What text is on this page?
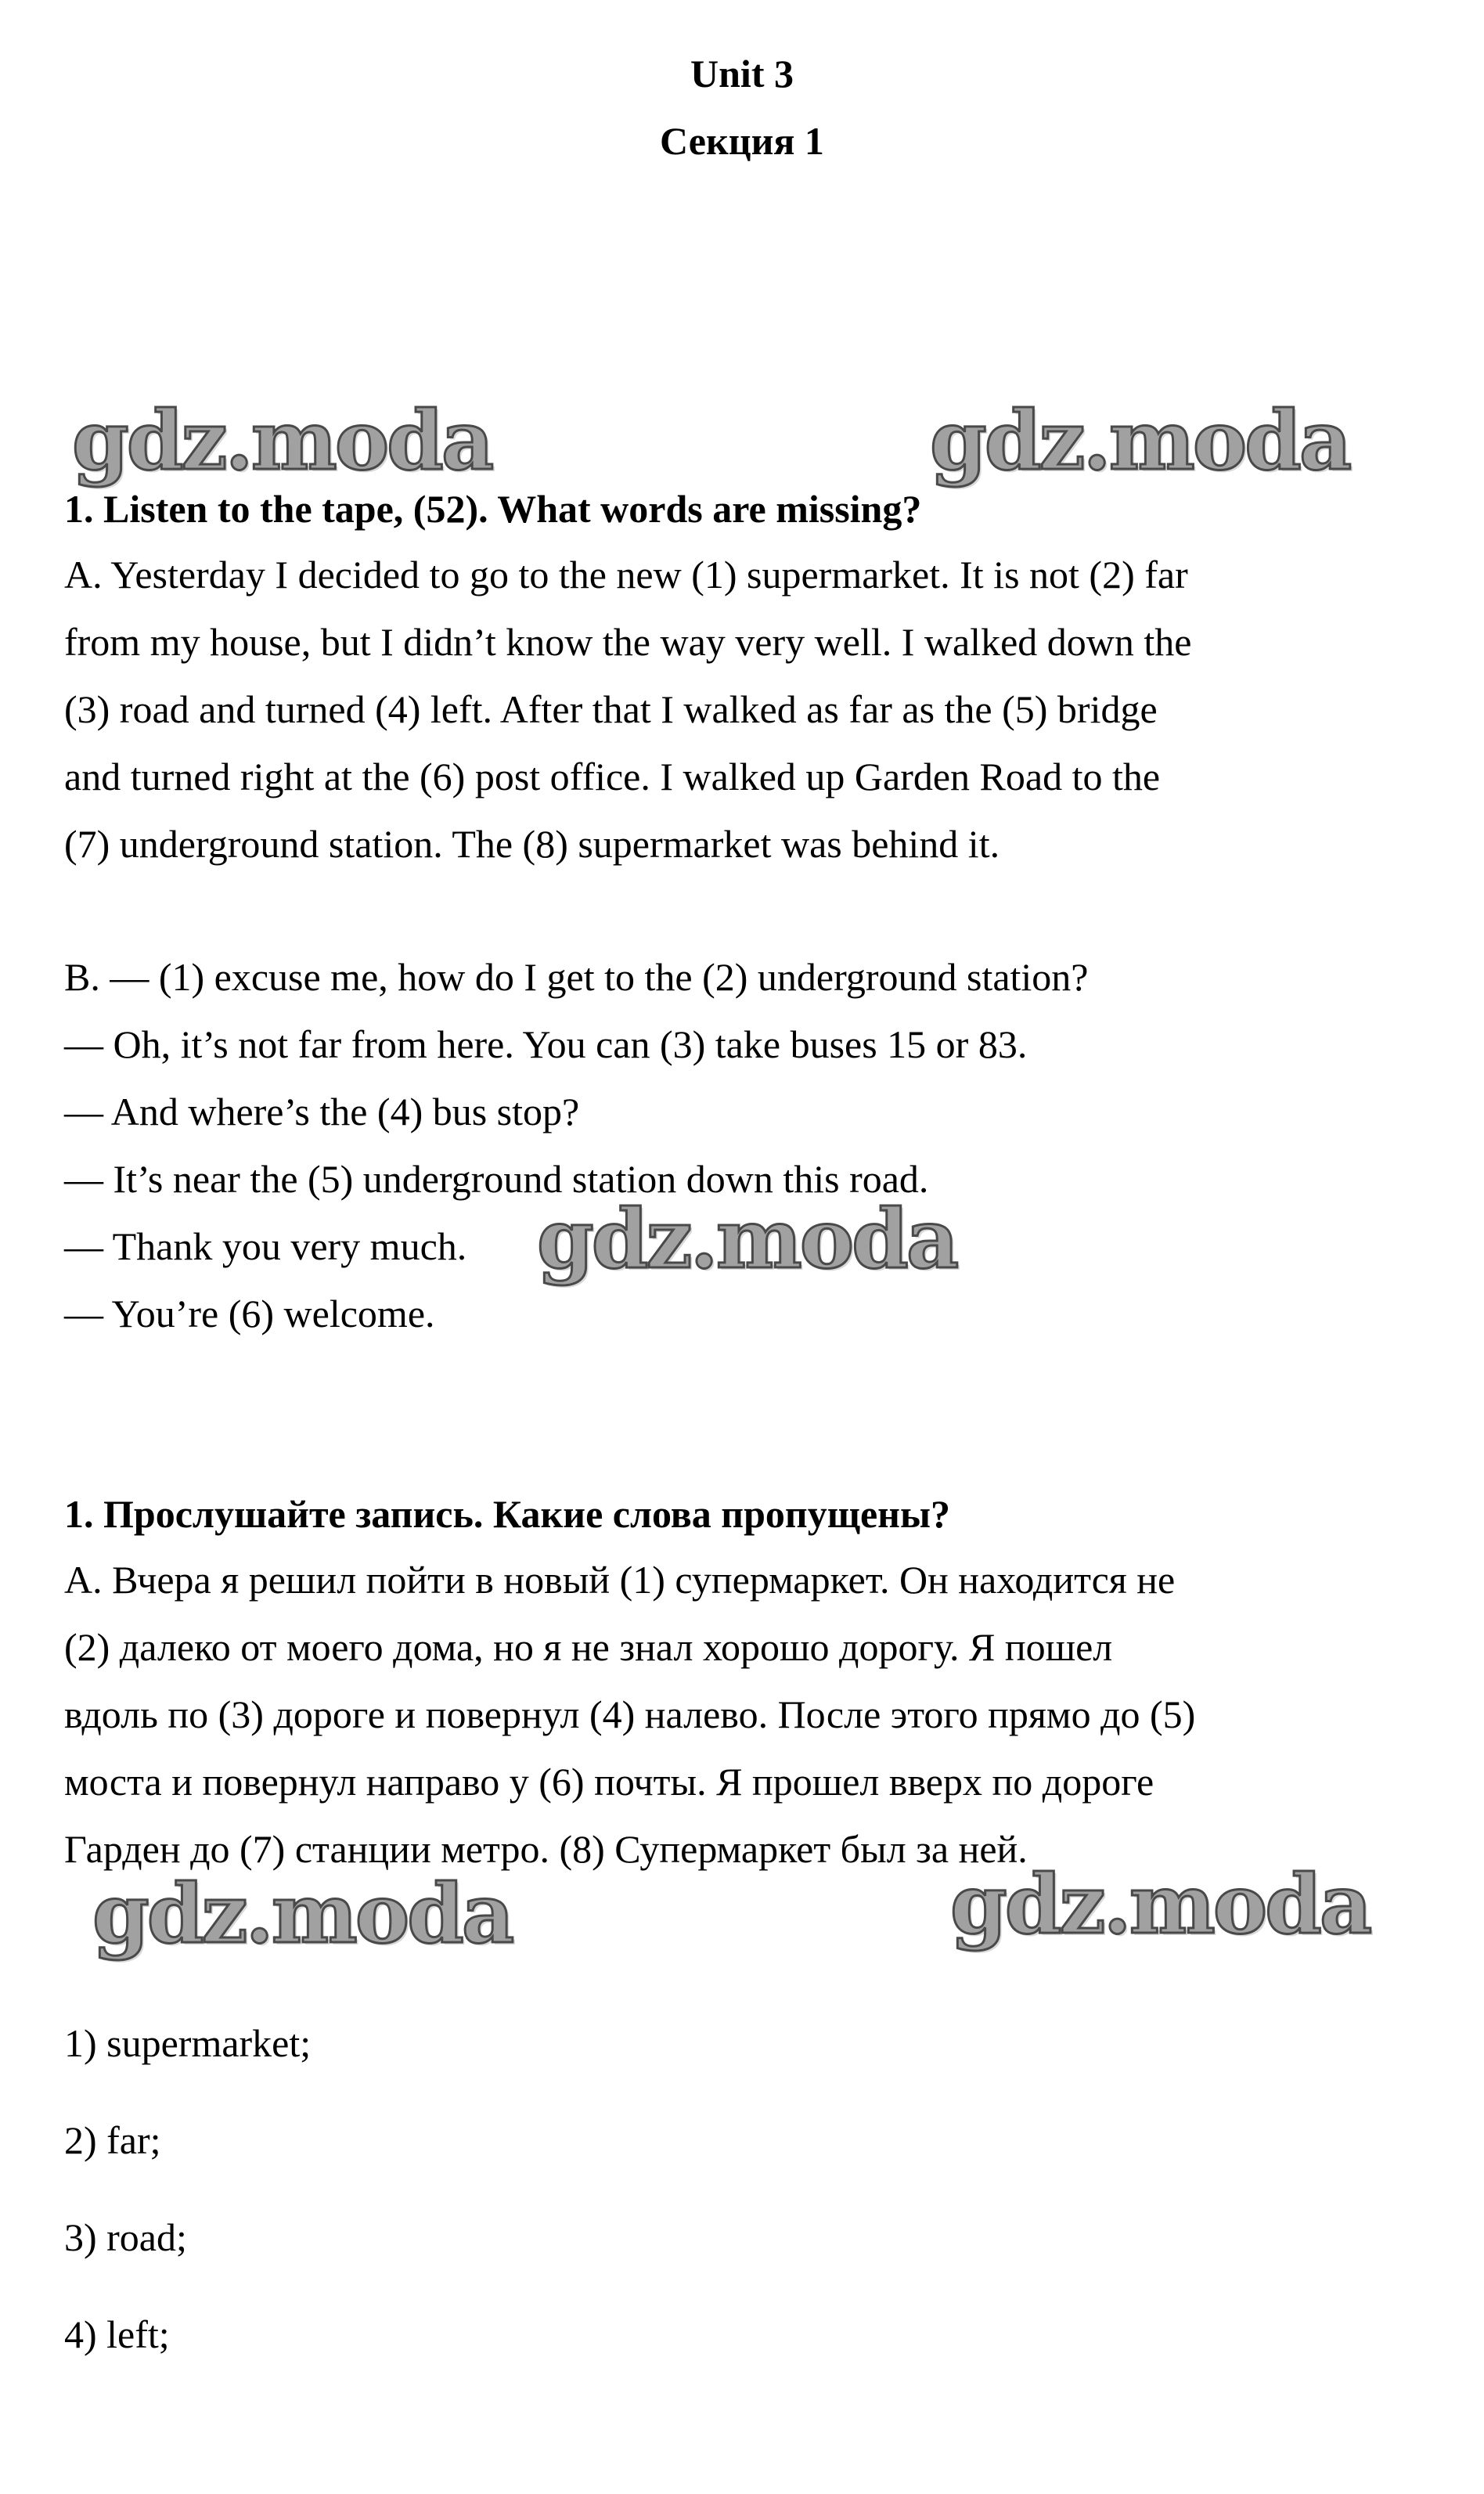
Unit 3
Секция 1
gdz.moda	gdz.moda
1. Listen to the tape, (52). What words are missing?
A. Yesterday I decided to go to the new (1) supermarket. It is not (2) far
from my house, but I didn’t know the way very well. I walked down the
(3) road and turned (4) left. After that I walked as far as the (5) bridge
and turned right at the (6) post office. I walked up Garden Road to the
(7) underground station. The (8) supermarket was behind it.
B. — (1) excuse me, how do I get to the (2) underground station?
— Oh, it’s not far from here. You can (3) take buses 15 or 83.
— And where’s the (4) bus stop?
— It’s near the (5) underground station down this road.
— Thank you very much.
— You’re (6) welcome.
gdz.moda
1. Прослушайте запись. Какие слова пропущены?
А. Вчера я решил пойти в новый (1) супермаркет. Он находится не
(2) далеко от моего дома, но я не знал хорошо дорогу. Я пошел
вдоль по (3) дороге и повернул (4) налево. После этого прямо до (5)
моста и повернул направо у (6) почты. Я прошел вверх по дороге
Гарден до (7) станции метро. (8) Супермаркет был за ней.
gdz.moda	gdz.moda
1) supermarket;
2) far;
3) road;
4) left;
